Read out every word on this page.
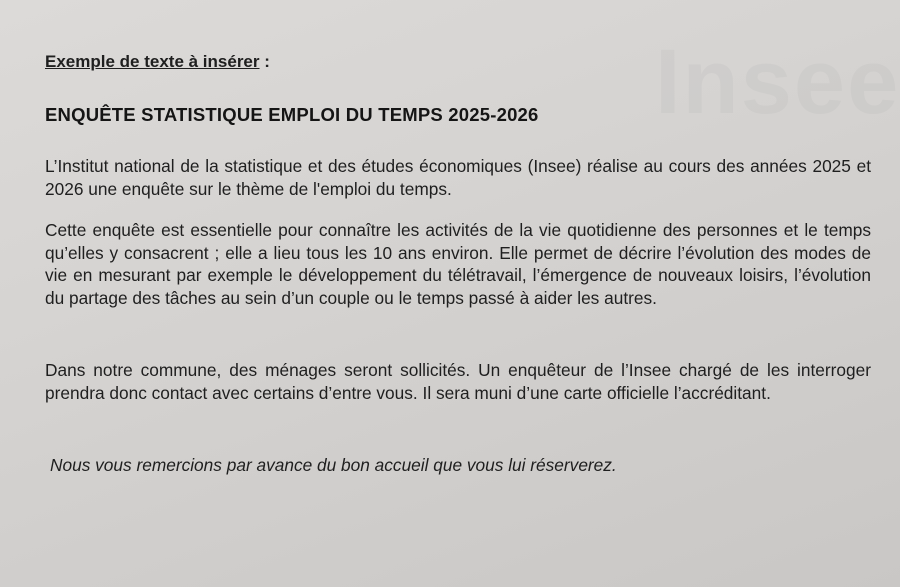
Insee
Exemple de texte à insérer :
ENQUÊTE STATISTIQUE EMPLOI DU TEMPS 2025-2026
L’Institut national de la statistique et des études économiques (Insee) réalise au cours des années 2025 et 2026 une enquête sur le thème de l'emploi du temps.
Cette enquête est essentielle pour connaître les activités de la vie quotidienne des personnes et le temps qu’elles y consacrent ; elle a lieu tous les 10 ans environ. Elle permet de décrire l’évolution des modes de vie en mesurant par exemple le développement du télétravail, l’émergence de nouveaux loisirs, l’évolution du partage des tâches au sein d’un couple ou le temps passé à aider les autres.
Dans notre commune, des ménages seront sollicités. Un enquêteur de l’Insee chargé de les interroger prendra donc contact avec certains d’entre vous. Il sera muni d’une carte officielle l’accréditant.
Nous vous remercions par avance du bon accueil que vous lui réserverez.
